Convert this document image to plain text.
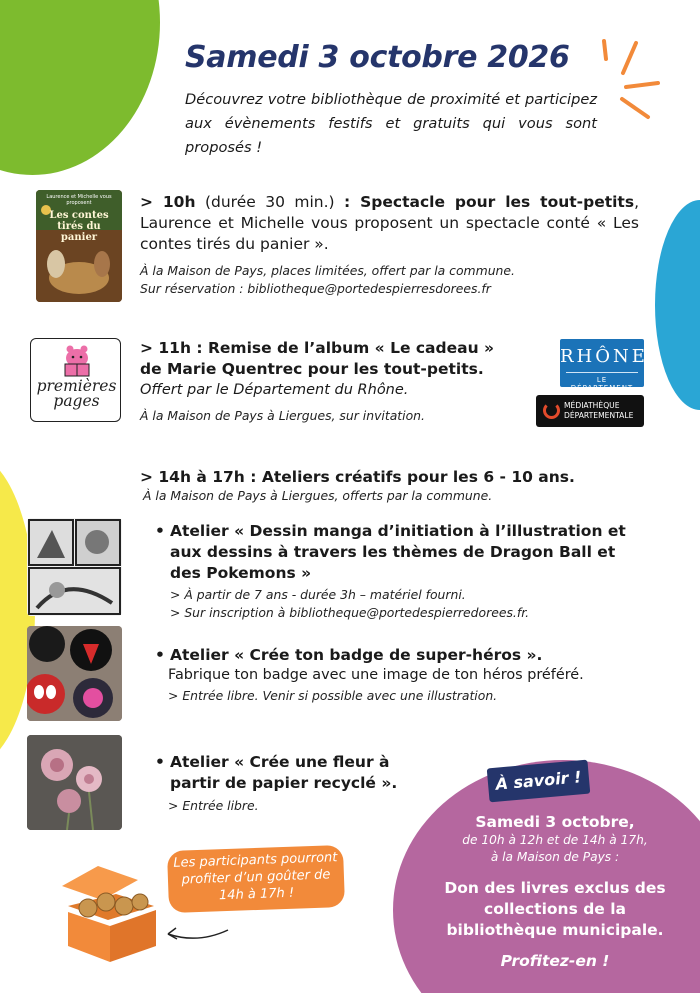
Samedi 3 octobre 2026
Découvrez votre bibliothèque de proximité et participez aux évènements festifs et gratuits qui vous sont proposés !
Laurence et Michelle vous proposent
Les contes tirés du panier
> 10h (durée 30 min.) : Spectacle pour les tout-petits, Laurence et Michelle vous proposent un spectacle conté « Les contes tirés du panier ».
À la Maison de Pays, places limitées, offert par la commune.
Sur réservation : bibliotheque@portedespierresdorees.fr
premières pages
> 11h : Remise de l’album « Le cadeau »
de Marie Quentrec pour les tout-petits.
Offert par le Département du Rhône.
À la Maison de Pays à Liergues, sur invitation.
RHÔNE
LE DÉPARTEMENT
MÉDIATHÈQUE
DÉPARTEMENTALE
> 14h à 17h : Ateliers créatifs pour les 6 - 10 ans.
À la Maison de Pays à Liergues, offerts par la commune.
• Atelier « Dessin manga d’initiation à l’illustration et aux dessins à travers les thèmes de Dragon Ball et des Pokemons »
> À partir de 7 ans - durée 3h – matériel fourni.
> Sur inscription à bibliotheque@portedespierredorees.fr.
• Atelier « Crée ton badge de super-héros ».
Fabrique ton badge avec une image de ton héros préféré.
> Entrée libre. Venir si possible avec une illustration.
• Atelier « Crée une fleur à partir de papier recyclé ».
> Entrée libre.
Les participants pourront profiter d’un goûter de 14h à 17h !
À savoir !
Samedi 3 octobre,
de 10h à 12h et de 14h à 17h,
à la Maison de Pays :
Don des livres exclus des collections de la bibliothèque municipale.
Profitez-en !
